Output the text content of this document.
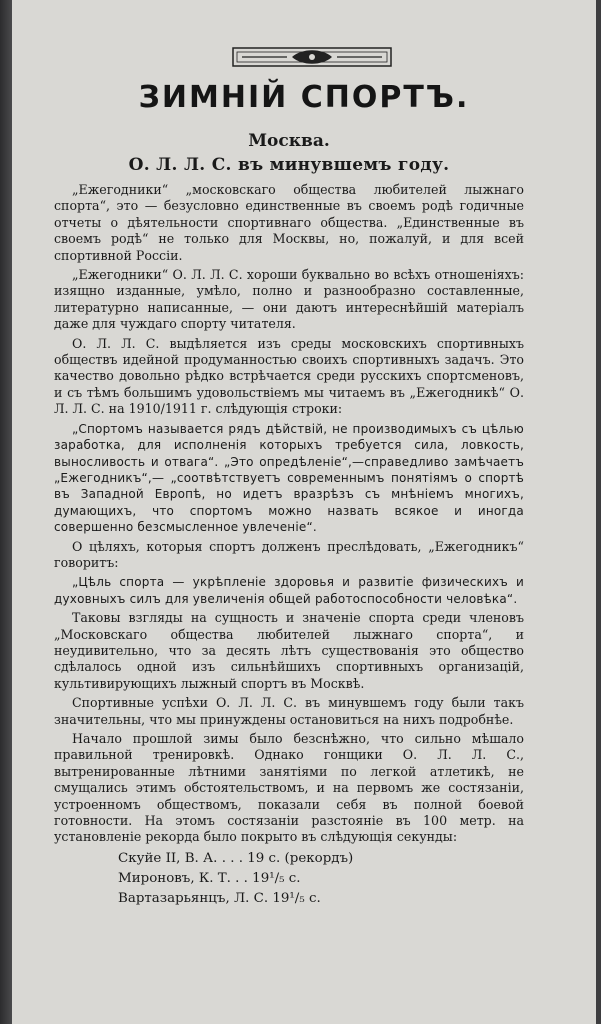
ЗИМНІЙ СПОРТЪ.
Москва.
О. Л. Л. С. въ минувшемъ году.

„Ежегодники“ „московскаго общества любителей лыжнаго спорта“, это — безусловно единственные въ своемъ родѣ годичные отчеты о дѣятельности спортивнаго общества. „Единственные въ своемъ родѣ“ не только для Москвы, но, пожалуй, и для всей спортивной Россіи.

„Ежегодники“ О. Л. Л. С. хороши буквально во всѣхъ отношеніяхъ: изящно изданные, умѣло, полно и разнообразно составленные, литературно написанные, — они даютъ интереснѣйшій матеріалъ даже для чуждаго спорту читателя.

О. Л. Л. С. выдѣляется изъ среды московскихъ спортивныхъ обществъ идейной продуманностью своихъ спортивныхъ задачъ. Это качество довольно рѣдко встрѣчается среди русскихъ спортсменовъ, и съ тѣмъ большимъ удовольствіемъ мы читаемъ въ „Ежегодникѣ“ О. Л. Л. С. на 1910/1911 г. слѣдующія строки:

„Спортомъ называется рядъ дѣйствій, не производимыхъ съ цѣлью заработка, для исполненія которыхъ требуется сила, ловкость, выносливость и отвага“. „Это опредѣленіе“,—справедливо замѣчаетъ „Ежегодникъ“,— „соотвѣтствуетъ современнымъ понятіямъ о спортѣ въ Западной Европѣ, но идетъ вразрѣзъ съ мнѣніемъ многихъ, думающихъ, что спортомъ можно назвать всякое и иногда совершенно безсмысленное увлеченіе“.

О цѣляхъ, которыя спортъ долженъ преслѣдовать, „Ежегодникъ“ говоритъ:

„Цѣль спорта — укрѣпленіе здоровья и развитіе физическихъ и духовныхъ силъ для увеличенія общей работоспособности человѣка“.

Таковы взгляды на сущность и значеніе спорта среди членовъ „Московскаго общества любителей лыжнаго спорта“, и неудивительно, что за десять лѣтъ существованія это общество сдѣлалось одной изъ сильнѣйшихъ спортивныхъ организацій, культивирующихъ лыжный спортъ въ Москвѣ.

Спортивные успѣхи О. Л. Л. С. въ минувшемъ году были такъ значительны, что мы принуждены остановиться на нихъ подробнѣе.

Начало прошлой зимы было безснѣжно, что сильно мѣшало правильной тренировкѣ. Однако гонщики О. Л. Л. С., вытренированные лѣтними занятіями по легкой атлетикѣ, не смущались этимъ обстоятельствомъ, и на первомъ же состязаніи, устроенномъ обществомъ, показали себя въ полной боевой готовности. На этомъ состязаніи разстояніе въ 100 метр. на установленіе рекорда было покрыто въ слѣдующія секунды:

Скуйе II, В. А. . . . 19 с. (рекордъ)
Мироновъ, К. Т. . . 19¹/₅ с.
Вартазарьянцъ, Л. С. 19¹/₅ с.
